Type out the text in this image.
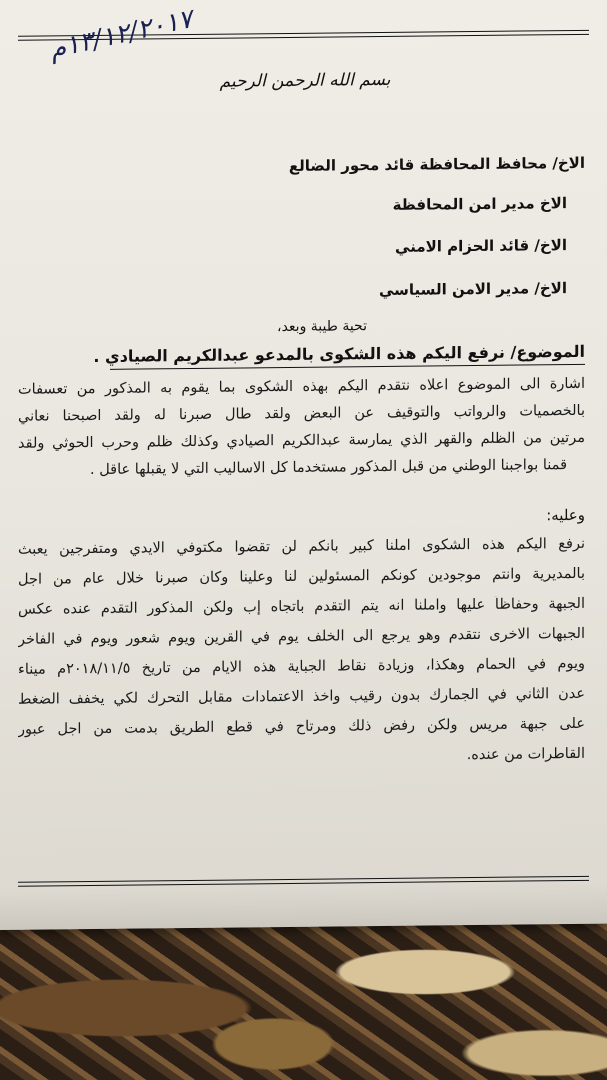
١٣/١٢/٢٠١٧م
بسم الله الرحمن الرحيم
الاخ/ محافظ المحافظة قائد محور الضالع
الاخ مدير امن المحافظة
الاخ/ قائد الحزام الامني
الاخ/ مدير الامن السياسي
تحية طيبة وبعد،
الموضوع/ نرفع اليكم هذه الشكوى بالمدعو عبدالكريم الصيادي .
اشارة الى الموضوع اعلاه نتقدم اليكم بهذه الشكوى بما يقوم به المذكور من تعسفات
بالخصميات والرواتب والتوقيف عن البعض ولقد طال صبرنا له ولقد اصبحنا نعاني
مرتين من الظلم والقهر الذي يمارسة عبدالكريم الصيادي وكذلك ظلم وحرب الحوثي ولقد
قمنا بواجبنا الوطني من قبل المذكور مستخدماً كل الاساليب التي لا يقبلها عاقل .
وعليه:
نرفع اليكم هذه الشكوى املنا كبير بانكم لن تقضوا مكتوفي الايدي ومتفرجين يعبث
بالمديرية وانتم موجودين كونكم المسئولين لنا وعلينا وكان صبرنا خلال عام من اجل
الجبهة وحفاظاً عليها واملنا انه يتم التقدم باتجاه إب ولكن المذكور التقدم عنده عكس
الجبهات الاخرى نتقدم وهو يرجع الى الخلف يوم في القرين ويوم شعور ويوم في الفاخر
ويوم في الحمام وهكذا، وزيادة نقاط الجباية هذه الايام من تاريخ ٢٠١٨/١١/٥م ميناء
عدن الثاني في الجمارك بدون رقيب واخذ الاعتمادات مقابل التحرك لكي يخفف الضغط
على جبهة مريس ولكن رفض ذلك ومرتاح في قطع الطريق بدمت من اجل عبور
القاطرات من عنده.
